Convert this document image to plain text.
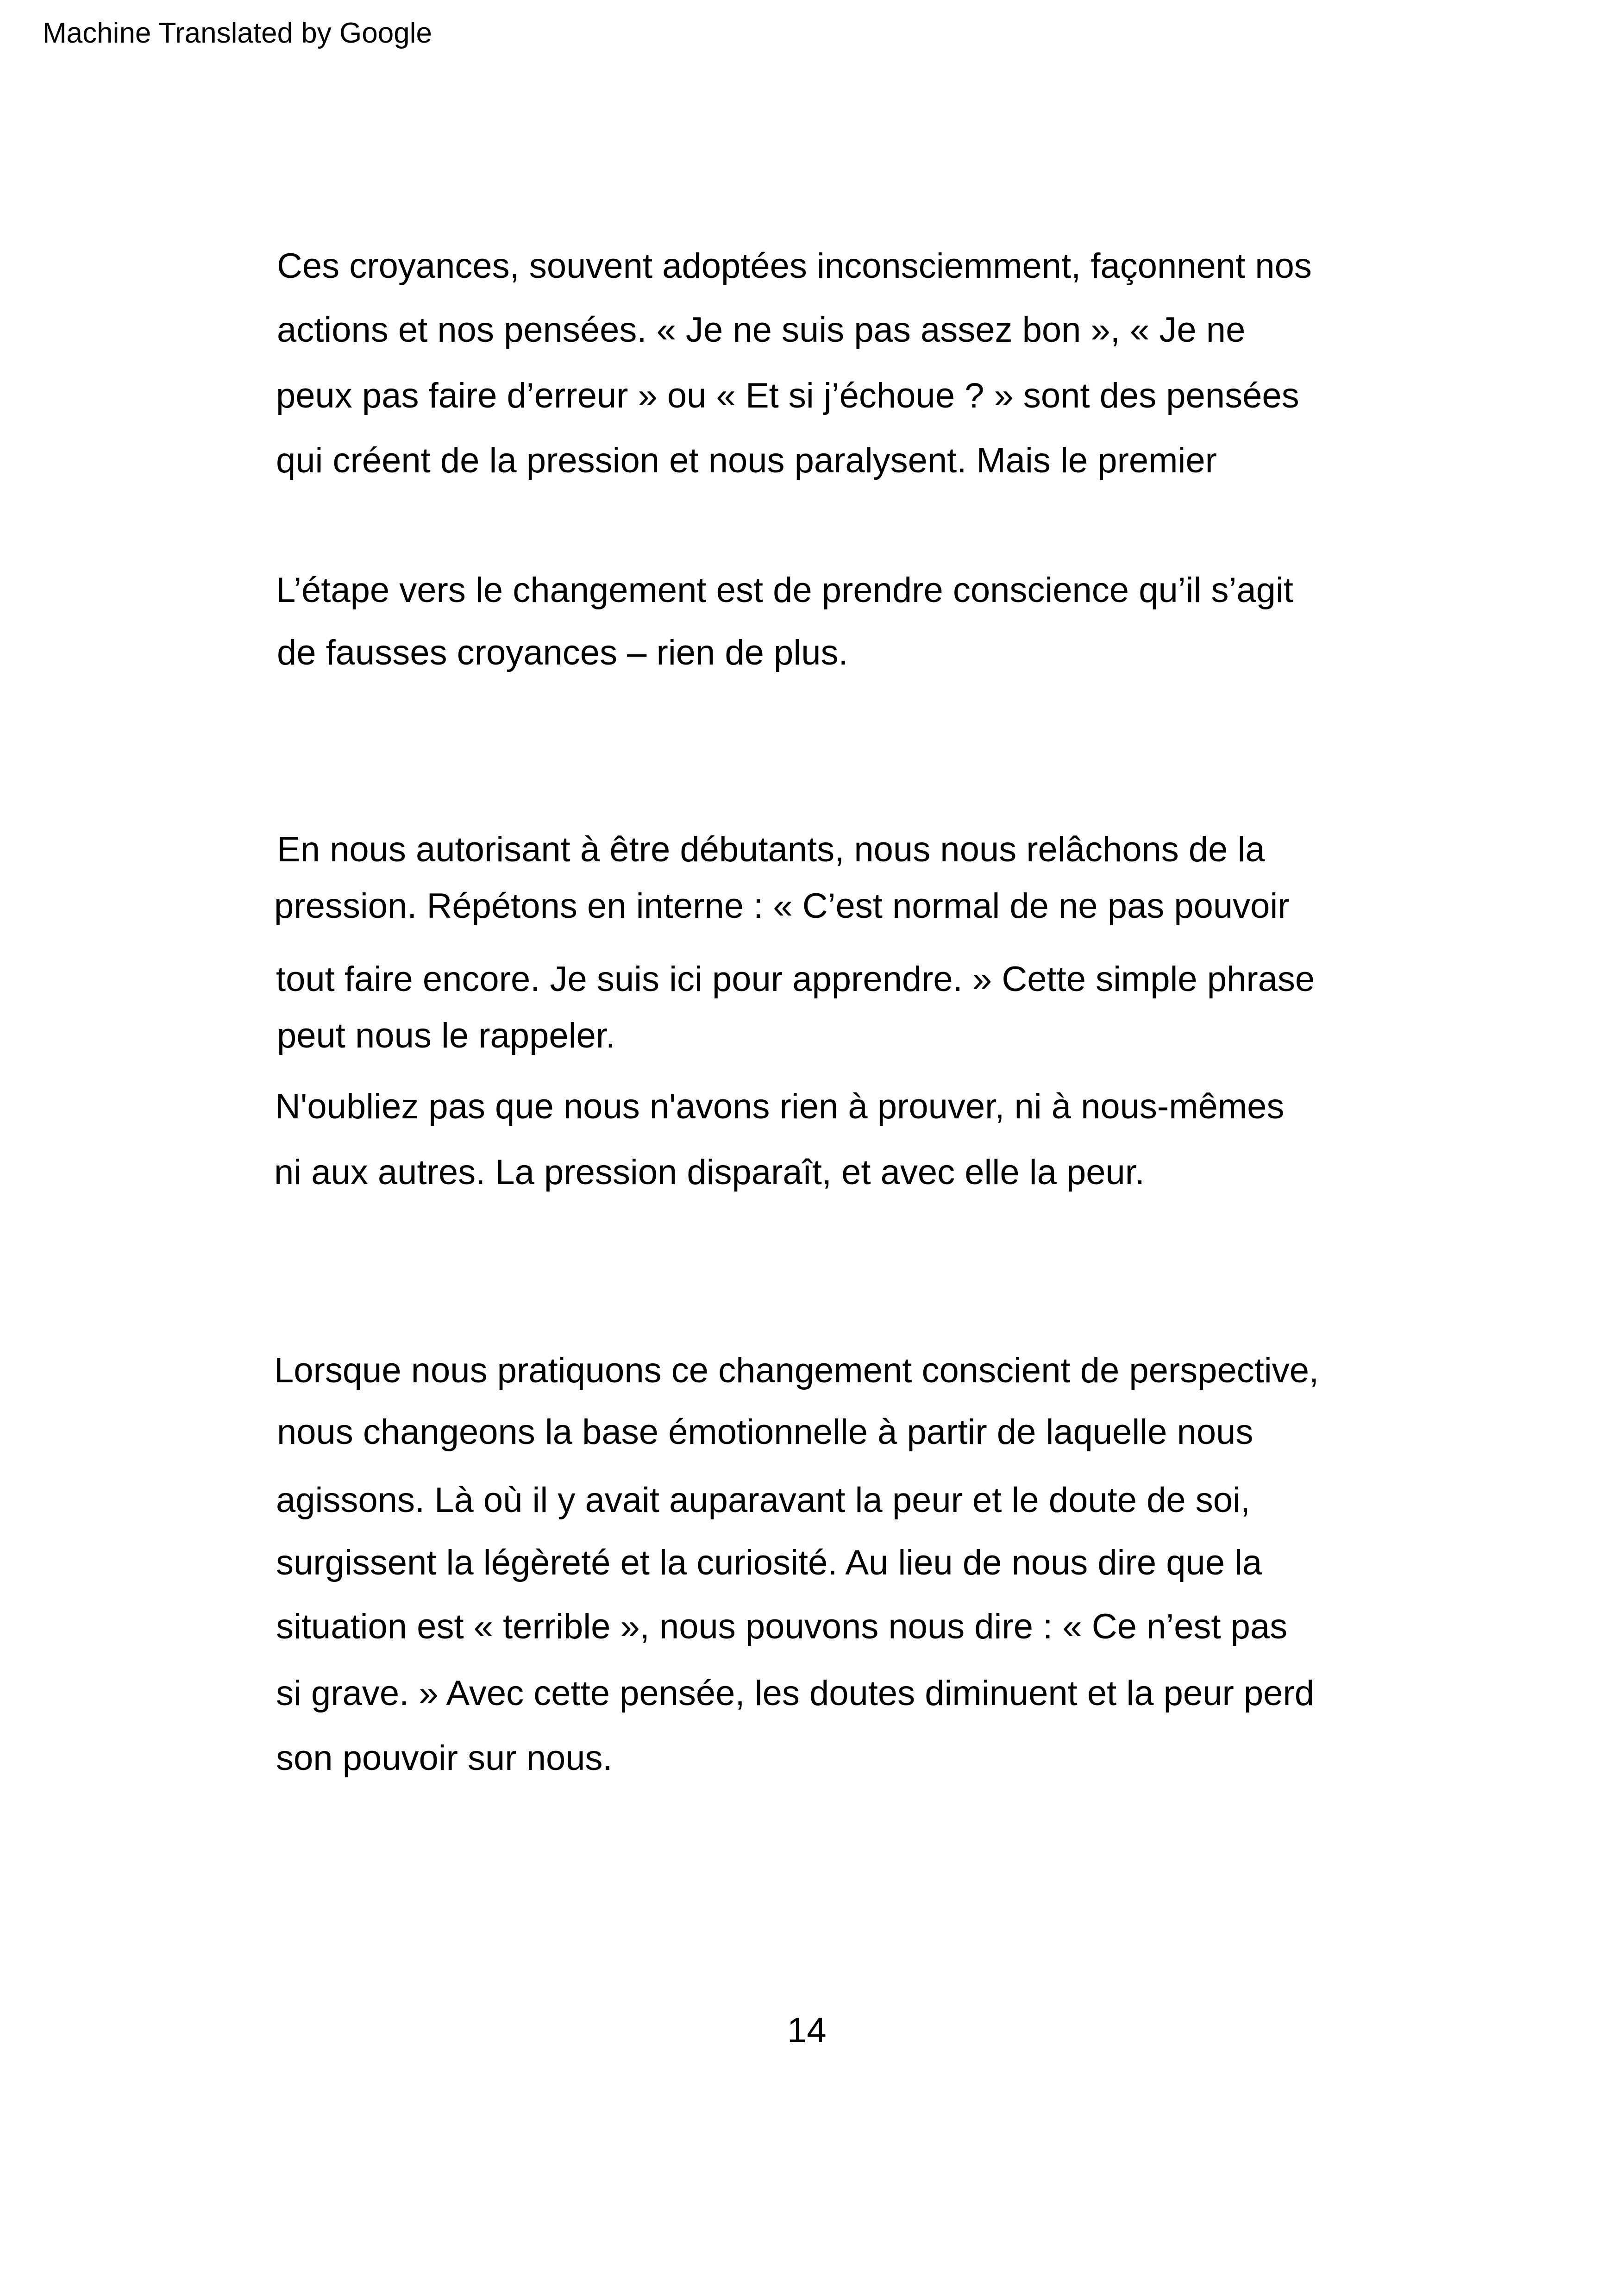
Machine Translated by Google
Ces croyances, souvent adoptées inconsciemment, façonnent nos
actions et nos pensées. « Je ne suis pas assez bon », « Je ne
peux pas faire d’erreur » ou « Et si j’échoue ? » sont des pensées
qui créent de la pression et nous paralysent. Mais le premier
L’étape vers le changement est de prendre conscience qu’il s’agit
de fausses croyances – rien de plus.
En nous autorisant à être débutants, nous nous relâchons de la
pression. Répétons en interne : « C’est normal de ne pas pouvoir
tout faire encore. Je suis ici pour apprendre. » Cette simple phrase
peut nous le rappeler.
N'oubliez pas que nous n'avons rien à prouver, ni à nous-mêmes
ni aux autres. La pression disparaît, et avec elle la peur.
Lorsque nous pratiquons ce changement conscient de perspective,
nous changeons la base émotionnelle à partir de laquelle nous
agissons. Là où il y avait auparavant la peur et le doute de soi,
surgissent la légèreté et la curiosité. Au lieu de nous dire que la
situation est « terrible », nous pouvons nous dire : « Ce n’est pas
si grave. » Avec cette pensée, les doutes diminuent et la peur perd
son pouvoir sur nous.
14
